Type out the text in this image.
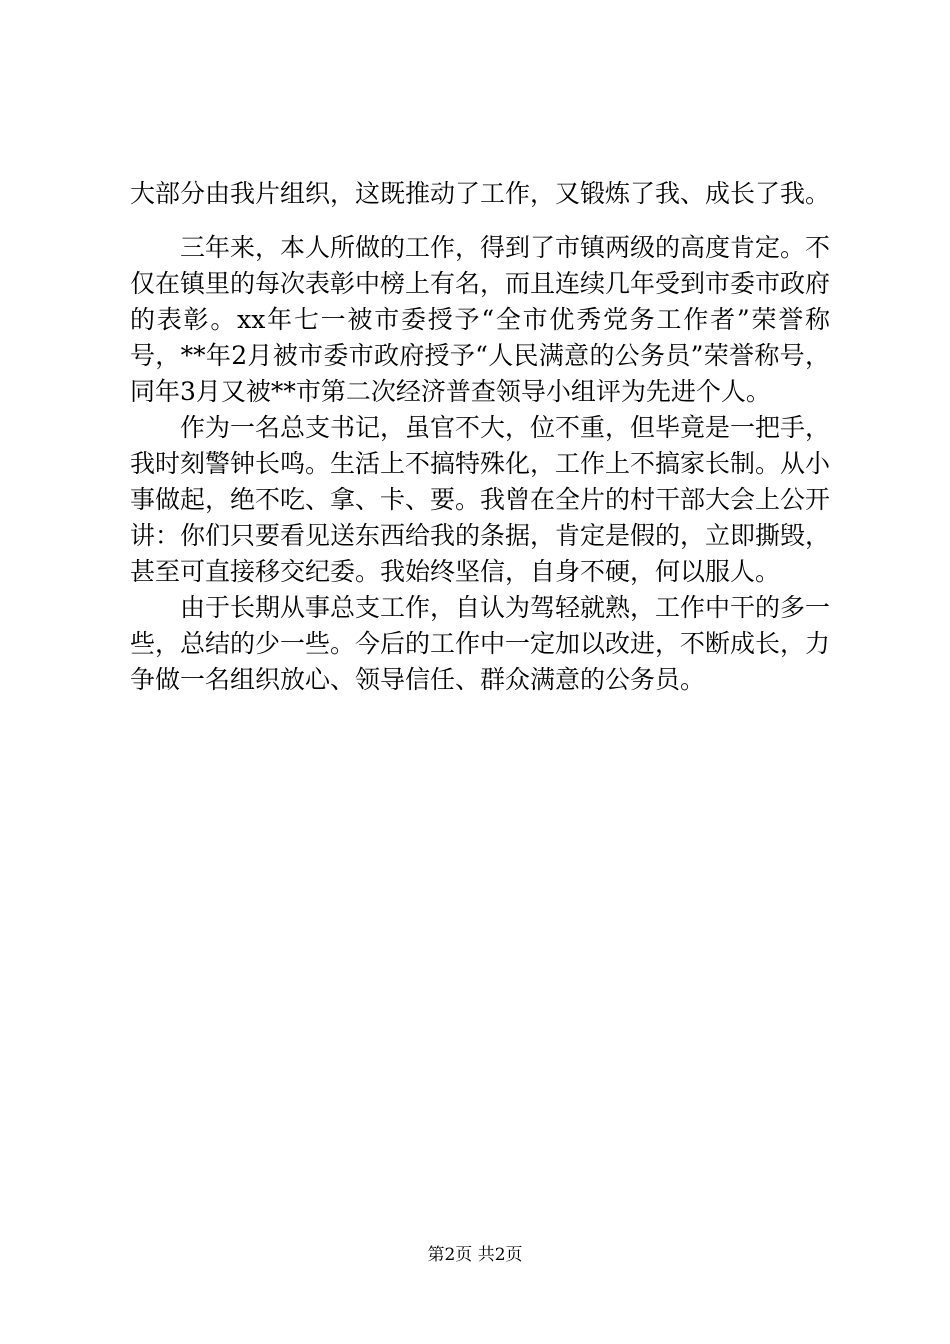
大部分由我片组织，这既推动了工作，又锻炼了我、成长了我。

　　三年来，本人所做的工作，得到了市镇两级的高度肯定。不仅在镇里的每次表彰中榜上有名，而且连续几年受到市委市政府的表彰。xx年七一被市委授予“全市优秀党务工作者”荣誉称号，**年2月被市委市政府授予“人民满意的公务员”荣誉称号，同年3月又被**市第二次经济普查领导小组评为先进个人。

　　作为一名总支书记，虽官不大，位不重，但毕竟是一把手，我时刻警钟长鸣。生活上不搞特殊化，工作上不搞家长制。从小事做起，绝不吃、拿、卡、要。我曾在全片的村干部大会上公开讲：你们只要看见送东西给我的条据，肯定是假的，立即撕毁，甚至可直接移交纪委。我始终坚信，自身不硬，何以服人。

　　由于长期从事总支工作，自认为驾轻就熟，工作中干的多一些，总结的少一些。今后的工作中一定加以改进，不断成长，力争做一名组织放心、领导信任、群众满意的公务员。

第2页 共2页
